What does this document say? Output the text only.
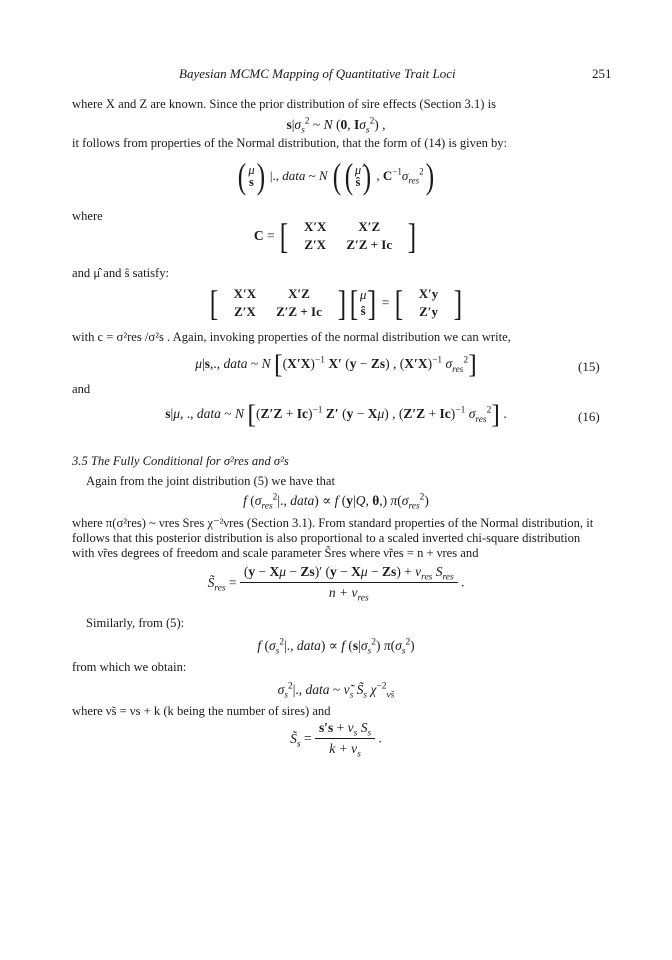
Bayesian MCMC Mapping of Quantitative Trait Loci	251
where X and Z are known. Since the prior distribution of sire effects (Section 3.1) is
$s|\sigma_s^2$ ~ N (0, $I\sigma_s^2$) ,
it follows from properties of the Normal distribution, that the form of (14) is given by:
( μ
s) |., data ~ N ( ( μ̂
ŝ) , $C^{-1}\sigma_{res}^2$)
where
C = [ X′X	X′Z
Z′X	Z′Z + Ic ]
and μ̂ and ŝ satisfy:
[ X′X	X′Z
Z′X	Z′Z + Ic ] [ μ̂
ŝ] = [ X′y
Z′y ]
with c = σ²res /σ²s . Again, invoking properties of the normal distribution we can write,
μ|s,., data ~ N [$(X'X)^{-1}$ X′ (y − Zs) , $(X'X)^{-1}$ $\sigma_{res}^2$]	(15)
and
s|μ, ., data ~ N [$(Z'Z + Ic)^{-1}$ Z′ (y − Xμ) , $(Z'Z + Ic)^{-1}$ $\sigma_{res}^2$] .	(16)
3.5 The Fully Conditional for σ²res and σ²s
Again from the joint distribution (5) we have that
f ($\sigma_{res}^2|$., data) ∝ f (y|Q, θ,) $\pi(\sigma_{res}^2)$
where π(σ²res) ~ νres Sres χ⁻²νres (Section 3.1). From standard properties of the Normal distribution, it
follows that this posterior distribution is also proportional to a scaled inverted chi-square distribution
with ν̃res degrees of freedom and scale parameter S̃res where ν̃res = n + νres and
$S̃_{res} = \frac{(y - X\mu - Zs)' (y - X\mu - Zs) + \nu_{res} S_{res}}{n + \nu_{res}}$ .
Similarly, from (5):
f ($\sigma_s^2|$., data) ∝ f $(s|\sigma_s^2)$ $\pi(\sigma_s^2)$
from which we obtain:
$\sigma_s^2|$., data ~ $\nũ_s$ $S̃_s$ $\chi^{-2}_{\nũs}$
where ν̃s = νs + k (k being the number of sires) and
$S̃_s = \frac{s's + \nu_s S_s}{k + \nu_s}$ .
